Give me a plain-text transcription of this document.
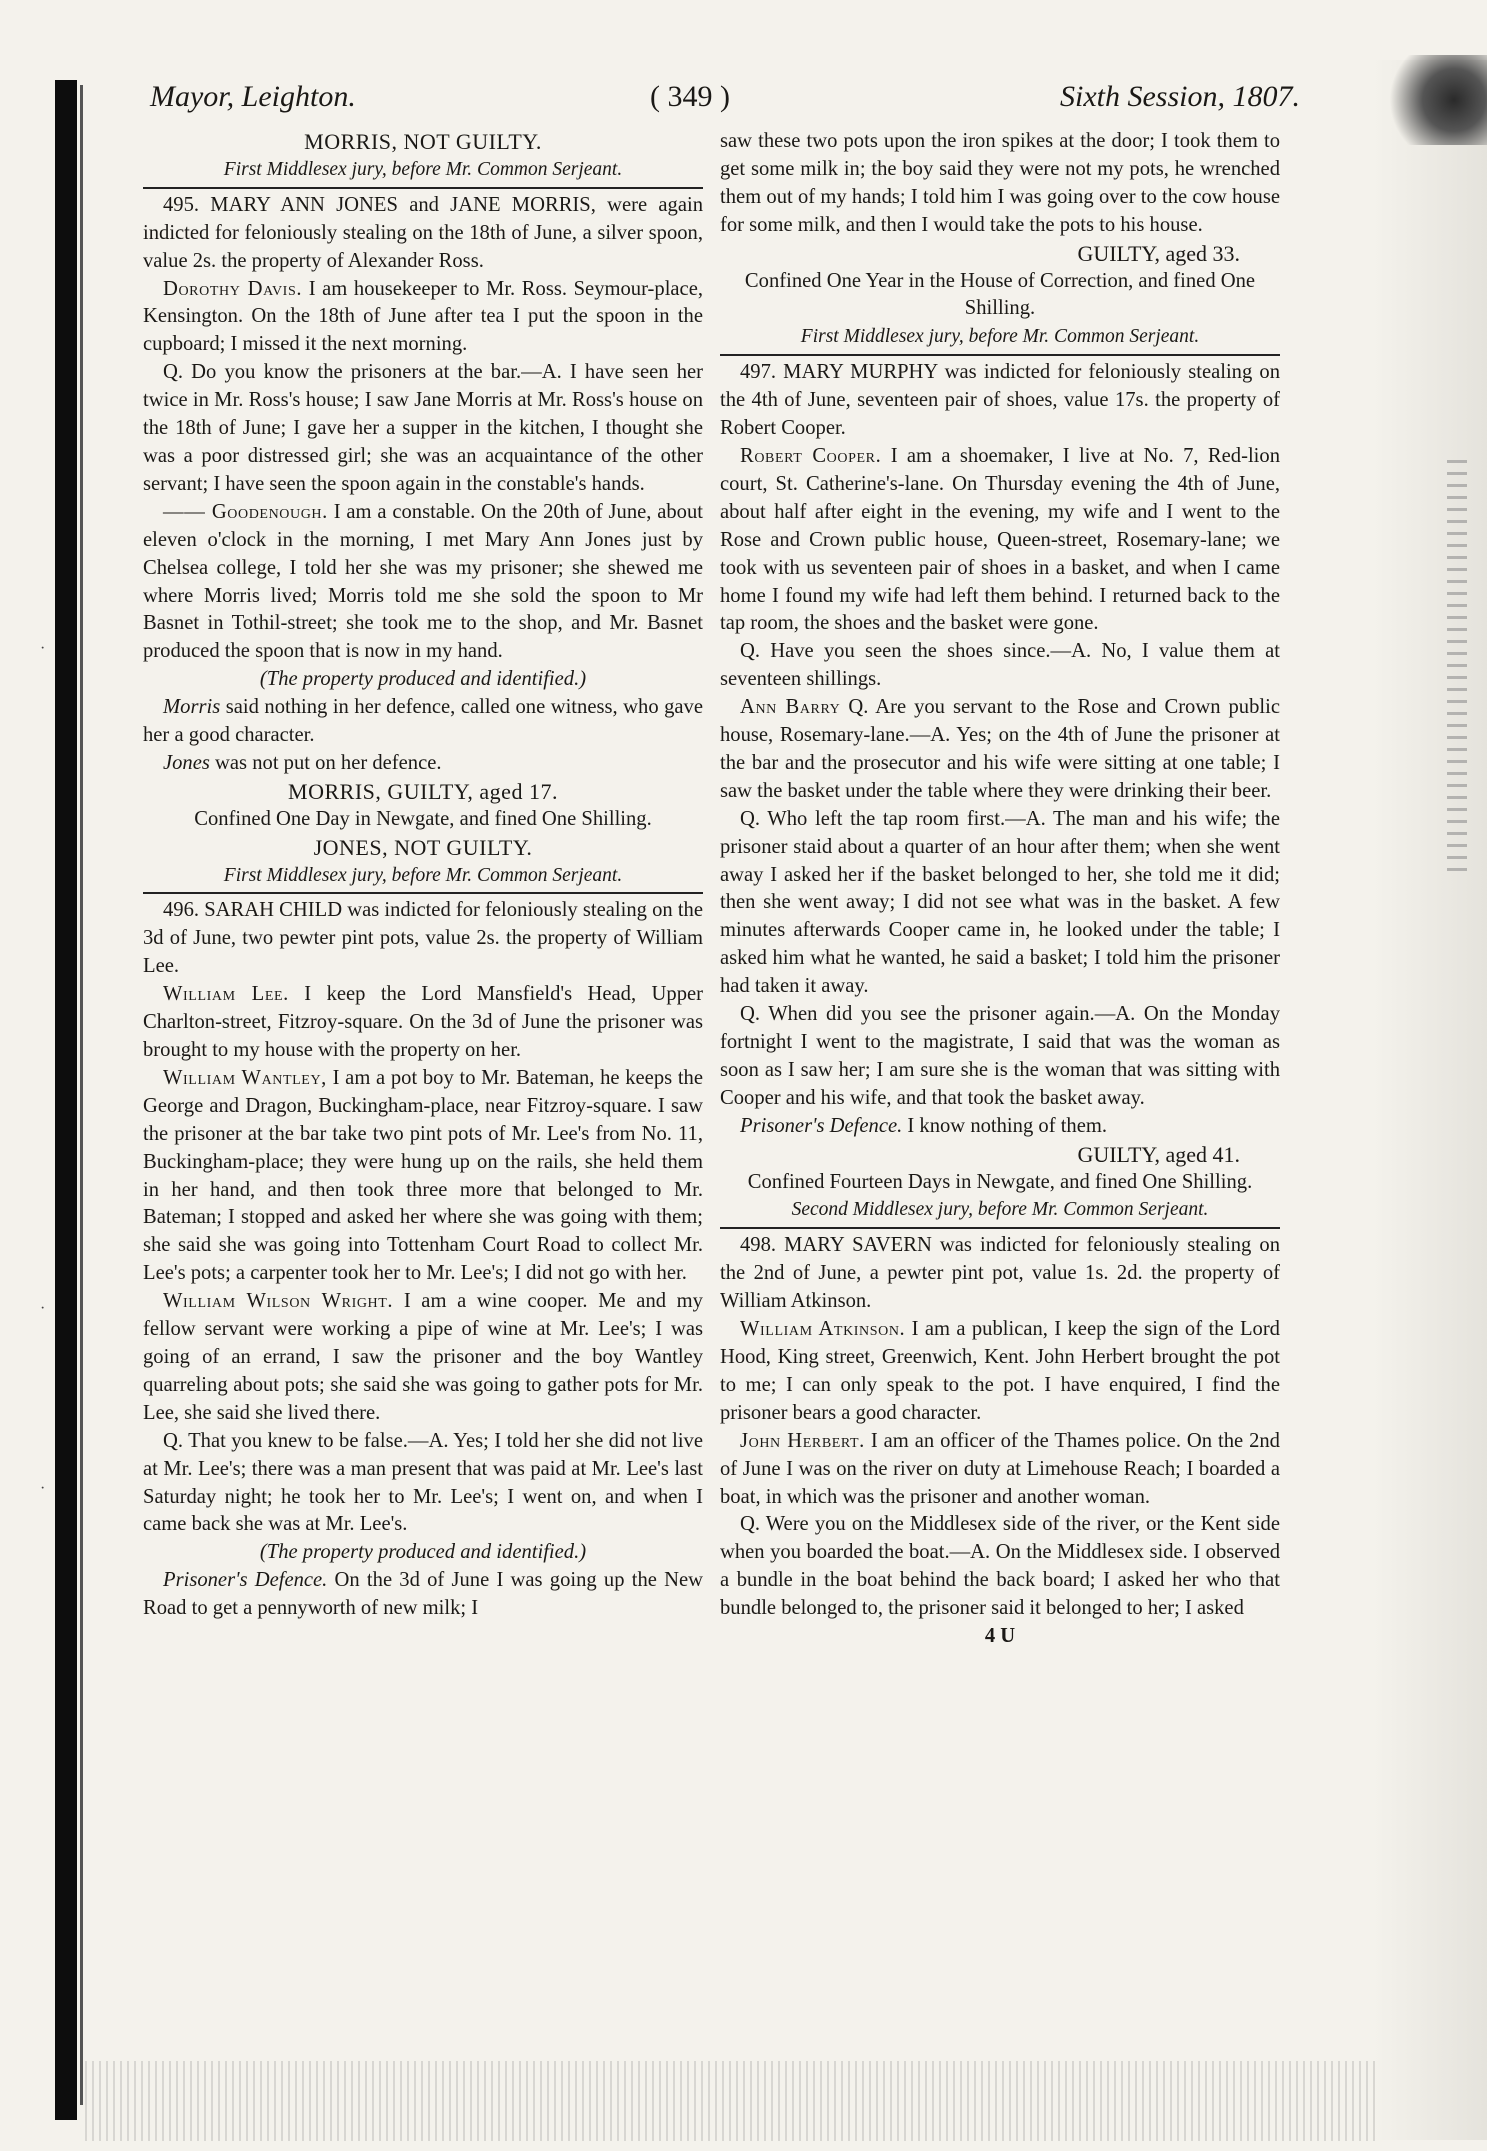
·
·
·
Mayor, Leighton.	( 349 )	Sixth Session, 1807.

MORRIS, NOT GUILTY.

First Middlesex jury, before Mr. Common Serjeant.

495. MARY ANN JONES and JANE MORRIS, were again indicted for feloniously stealing on the 18th of June, a silver spoon, value 2s. the property of Alexander Ross.

Dorothy Davis. I am housekeeper to Mr. Ross. Seymour-place, Kensington. On the 18th of June after tea I put the spoon in the cupboard; I missed it the next morning.

Q. Do you know the prisoners at the bar.—A. I have seen her twice in Mr. Ross's house; I saw Jane Morris at Mr. Ross's house on the 18th of June; I gave her a supper in the kitchen, I thought she was a poor distressed girl; she was an acquaintance of the other servant; I have seen the spoon again in the constable's hands.

—— Goodenough. I am a constable. On the 20th of June, about eleven o'clock in the morning, I met Mary Ann Jones just by Chelsea college, I told her she was my prisoner; she shewed me where Morris lived; Morris told me she sold the spoon to Mr Basnet in Tothil-street; she took me to the shop, and Mr. Basnet produced the spoon that is now in my hand.

(The property produced and identified.)

Morris said nothing in her defence, called one witness, who gave her a good character.

Jones was not put on her defence.

MORRIS, GUILTY, aged 17.

Confined One Day in Newgate, and fined One Shilling.

JONES, NOT GUILTY.

First Middlesex jury, before Mr. Common Serjeant.

496. SARAH CHILD was indicted for feloniously stealing on the 3d of June, two pewter pint pots, value 2s. the property of William Lee.

William Lee. I keep the Lord Mansfield's Head, Upper Charlton-street, Fitzroy-square. On the 3d of June the prisoner was brought to my house with the property on her.

William Wantley, I am a pot boy to Mr. Bateman, he keeps the George and Dragon, Buckingham-place, near Fitzroy-square. I saw the prisoner at the bar take two pint pots of Mr. Lee's from No. 11, Buckingham-place; they were hung up on the rails, she held them in her hand, and then took three more that belonged to Mr. Bateman; I stopped and asked her where she was going with them; she said she was going into Tottenham Court Road to collect Mr. Lee's pots; a carpenter took her to Mr. Lee's; I did not go with her.

William Wilson Wright. I am a wine cooper. Me and my fellow servant were working a pipe of wine at Mr. Lee's; I was going of an errand, I saw the prisoner and the boy Wantley quarreling about pots; she said she was going to gather pots for Mr. Lee, she said she lived there.

Q. That you knew to be false.—A. Yes; I told her she did not live at Mr. Lee's; there was a man present that was paid at Mr. Lee's last Saturday night; he took her to Mr. Lee's; I went on, and when I came back she was at Mr. Lee's.

(The property produced and identified.)

Prisoner's Defence. On the 3d of June I was going up the New Road to get a pennyworth of new milk; I

saw these two pots upon the iron spikes at the door; I took them to get some milk in; the boy said they were not my pots, he wrenched them out of my hands; I told him I was going over to the cow house for some milk, and then I would take the pots to his house.

GUILTY, aged 33.

Confined One Year in the House of Correction, and fined One Shilling.

First Middlesex jury, before Mr. Common Serjeant.

497. MARY MURPHY was indicted for feloniously stealing on the 4th of June, seventeen pair of shoes, value 17s. the property of Robert Cooper.

Robert Cooper. I am a shoemaker, I live at No. 7, Red-lion court, St. Catherine's-lane. On Thursday evening the 4th of June, about half after eight in the evening, my wife and I went to the Rose and Crown public house, Queen-street, Rosemary-lane; we took with us seventeen pair of shoes in a basket, and when I came home I found my wife had left them behind. I returned back to the tap room, the shoes and the basket were gone.

Q. Have you seen the shoes since.—A. No, I value them at seventeen shillings.

Ann Barry Q. Are you servant to the Rose and Crown public house, Rosemary-lane.—A. Yes; on the 4th of June the prisoner at the bar and the prosecutor and his wife were sitting at one table; I saw the basket under the table where they were drinking their beer.

Q. Who left the tap room first.—A. The man and his wife; the prisoner staid about a quarter of an hour after them; when she went away I asked her if the basket belonged to her, she told me it did; then she went away; I did not see what was in the basket. A few minutes afterwards Cooper came in, he looked under the table; I asked him what he wanted, he said a basket; I told him the prisoner had taken it away.

Q. When did you see the prisoner again.—A. On the Monday fortnight I went to the magistrate, I said that was the woman as soon as I saw her; I am sure she is the woman that was sitting with Cooper and his wife, and that took the basket away.

Prisoner's Defence. I know nothing of them.

GUILTY, aged 41.

Confined Fourteen Days in Newgate, and fined One Shilling.

Second Middlesex jury, before Mr. Common Serjeant.

498. MARY SAVERN was indicted for feloniously stealing on the 2nd of June, a pewter pint pot, value 1s. 2d. the property of William Atkinson.

William Atkinson. I am a publican, I keep the sign of the Lord Hood, King street, Greenwich, Kent. John Herbert brought the pot to me; I can only speak to the pot. I have enquired, I find the prisoner bears a good character.

John Herbert. I am an officer of the Thames police. On the 2nd of June I was on the river on duty at Limehouse Reach; I boarded a boat, in which was the prisoner and another woman.

Q. Were you on the Middlesex side of the river, or the Kent side when you boarded the boat.—A. On the Middlesex side. I observed a bundle in the boat behind the back board; I asked her who that bundle belonged to, the prisoner said it belonged to her; I asked

4 U
